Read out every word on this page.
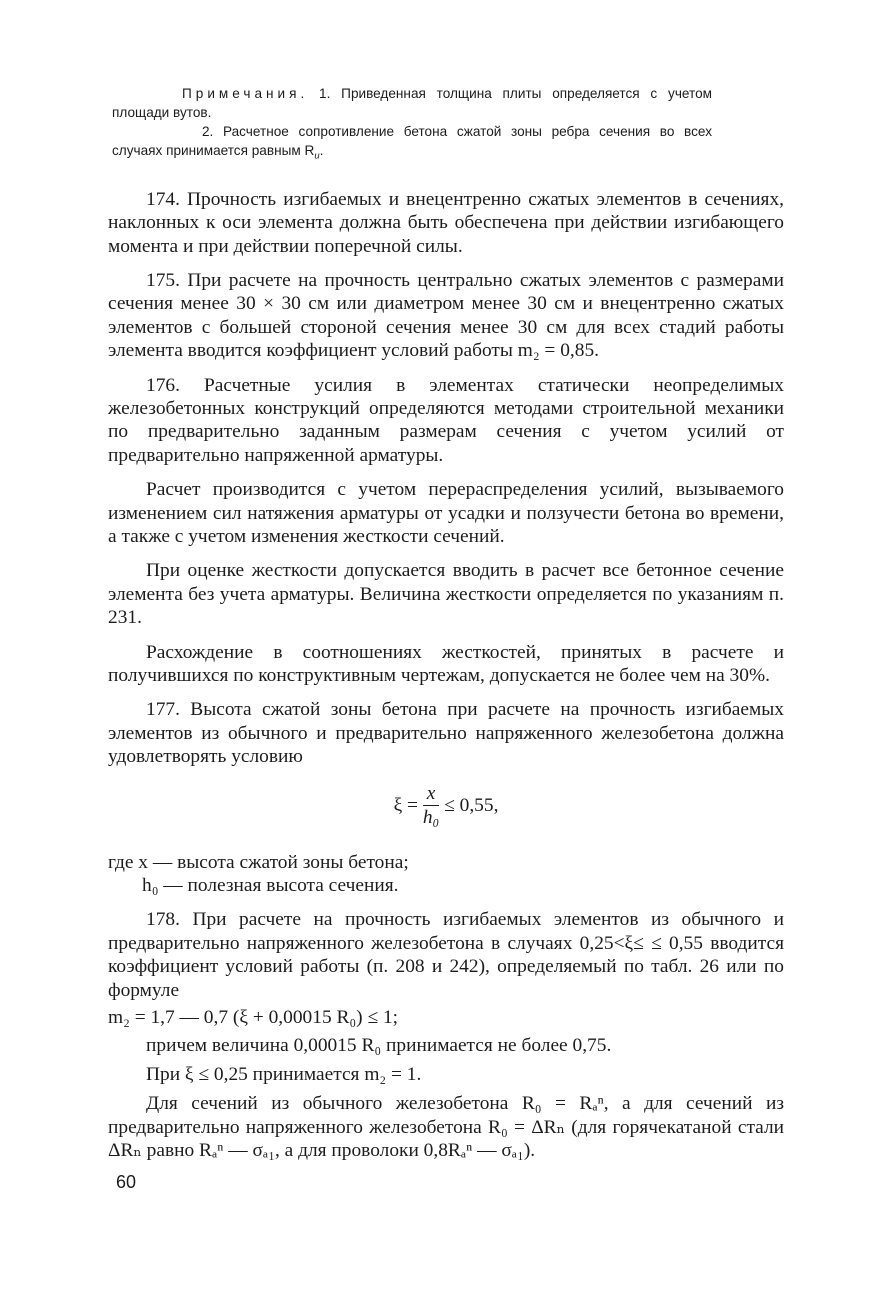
Примечания. 1. Приведенная толщина плиты определяется с учетом площади вутов.

2. Расчетное сопротивление бетона сжатой зоны ребра сечения во всех случаях принимается равным $R_и$.

174. Прочность изгибаемых и внецентренно сжатых элементов в сечениях, наклонных к оси элемента должна быть обеспечена при действии изгибающего момента и при действии поперечной силы.

175. При расчете на прочность центрально сжатых элементов с размерами сечения менее 30 × 30 см или диаметром менее 30 см и внецентренно сжатых элементов с большей стороной сечения менее 30 см для всех стадий работы элемента вводится коэффициент условий работы m₂ = 0,85.

176. Расчетные усилия в элементах статически неопределимых железобетонных конструкций определяются методами строительной механики по предварительно заданным размерам сечения с учетом усилий от предварительно напряженной арматуры.

Расчет производится с учетом перераспределения усилий, вызываемого изменением сил натяжения арматуры от усадки и ползучести бетона во времени, а также с учетом изменения жесткости сечений.

При оценке жесткости допускается вводить в расчет все бетонное сечение элемента без учета арматуры. Величина жесткости определяется по указаниям п. 231.

Расхождение в соотношениях жесткостей, принятых в расчете и получившихся по конструктивным чертежам, допускается не более чем на 30%.

177. Высота сжатой зоны бетона при расчете на прочность изгибаемых элементов из обычного и предварительно напряженного железобетона должна удовлетворять условию

$\xi = \frac{x}{\text{h₀}} \le 0,55$,

где x — высота сжатой зоны бетона;

h₀ — полезная высота сечения.

178. При расчете на прочность изгибаемых элементов из обычного и предварительно напряженного железобетона в случаях 0,25<ξ≤ ≤ 0,55 вводится коэффициент условий работы (п. 208 и 242), определяемый по табл. 26 или по формуле

m₂ = 1,7 — 0,7 (ξ + 0,00015 R₀) ≤ 1;

причем величина 0,00015 R₀ принимается не более 0,75.

При ξ ≤ 0,25 принимается m₂ = 1.

Для сечений из обычного железобетона R₀ = Rₐⁿ, а для сечений из предварительно напряженного железобетона R₀ = ΔRₙ (для горячекатаной стали ΔRₙ равно Rₐⁿ — σₐ₁, а для проволоки 0,8Rₐⁿ — σₐ₁).

60
